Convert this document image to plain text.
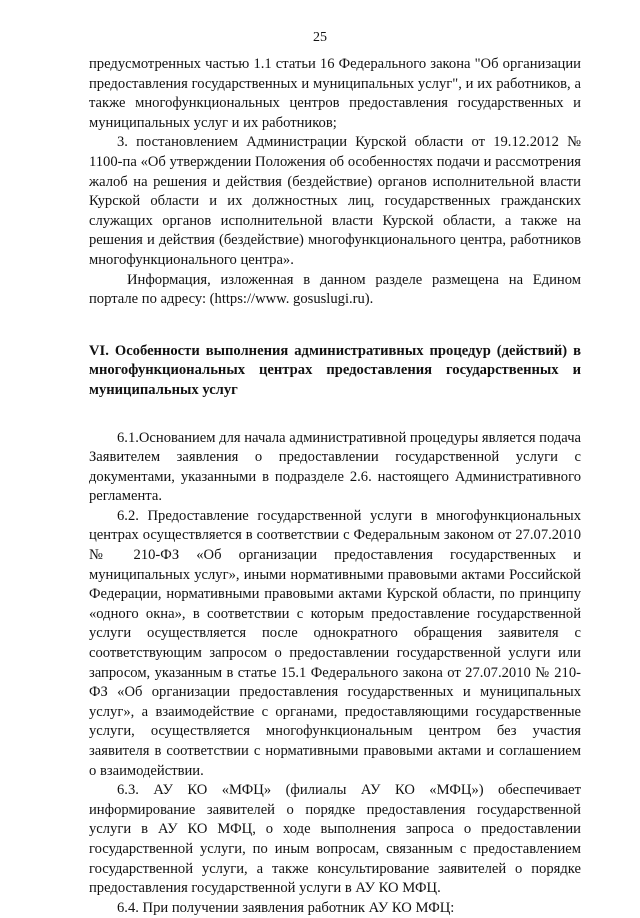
25

предусмотренных частью 1.1 статьи 16 Федерального закона "Об организации предоставления государственных и муниципальных услуг", и их работников, а также многофункциональных центров предоставления государственных и муниципальных услуг и их работников;

3. постановлением Администрации Курской области от 19.12.2012 № 1100-па «Об утверждении Положения об особенностях подачи и рассмотрения жалоб на решения и действия (бездействие) органов исполнительной власти Курской области и их должностных лиц, государственных гражданских служащих органов исполнительной власти Курской области, а также на решения и действия (бездействие) многофункционального центра, работников многофункционального центра».

Информация, изложенная в данном разделе размещена на Едином портале по адресу: (https://www. gosuslugi.ru).

VI. Особенности выполнения административных процедур (действий) в многофункциональных центрах предоставления государственных и муниципальных услуг

6.1.Основанием для начала административной процедуры является подача Заявителем заявления о предоставлении государственной услуги с документами, указанными в подразделе 2.6. настоящего Административного регламента.

6.2. Предоставление государственной услуги в многофункциональных центрах осуществляется в соответствии с Федеральным законом от 27.07.2010 № 210-ФЗ «Об организации предоставления государственных и муниципальных услуг», иными нормативными правовыми актами Российской Федерации, нормативными правовыми актами Курской области, по принципу «одного окна», в соответствии с которым предоставление государственной услуги осуществляется после однократного обращения заявителя с соответствующим запросом о предоставлении государственной услуги или запросом, указанным в статье 15.1 Федерального закона от 27.07.2010 № 210-ФЗ «Об организации предоставления государственных и муниципальных услуг», а взаимодействие с органами, предоставляющими государственные услуги, осуществляется многофункциональным центром без участия заявителя в соответствии с нормативными правовыми актами и соглашением о взаимодействии.

6.3. АУ КО «МФЦ» (филиалы АУ КО «МФЦ») обеспечивает информирование заявителей о порядке предоставления государственной услуги в АУ КО МФЦ, о ходе выполнения запроса о предоставлении государственной услуги, по иным вопросам, связанным с предоставлением государственной услуги, а также консультирование заявителей о порядке предоставления государственной услуги в АУ КО МФЦ.

6.4. При получении заявления работник АУ КО МФЦ:
